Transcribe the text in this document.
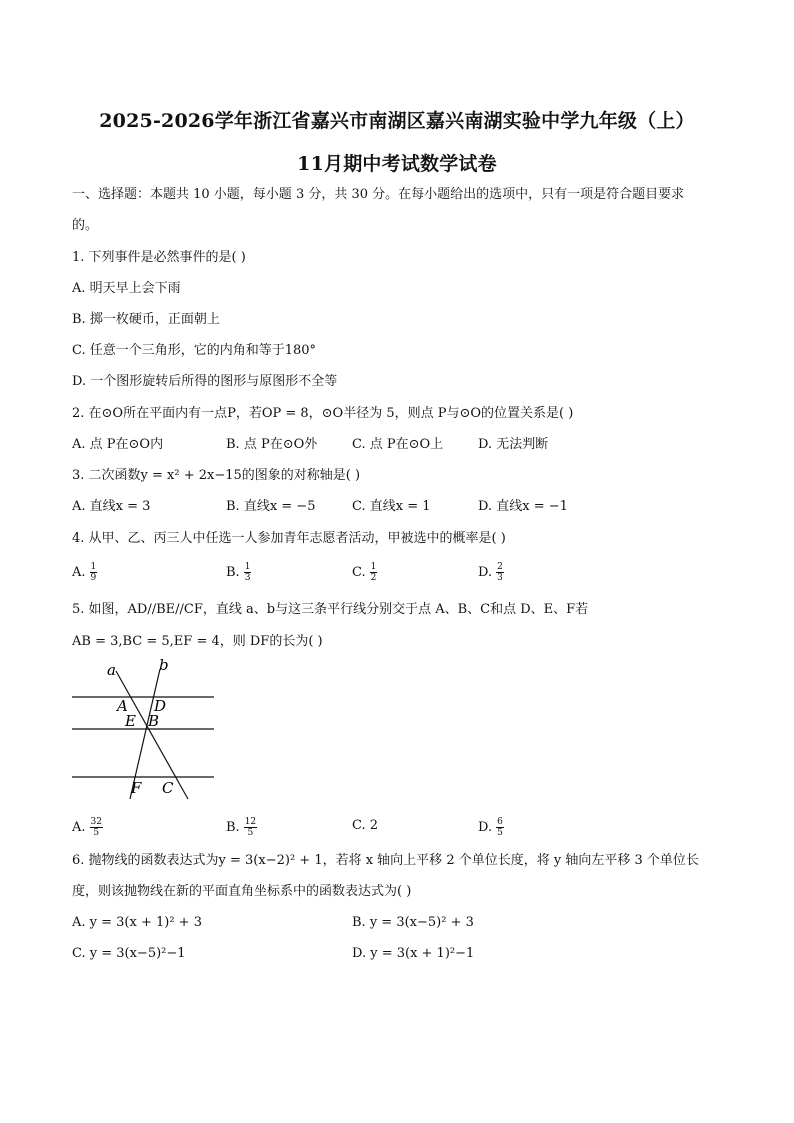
2025-2026学年浙江省嘉兴市南湖区嘉兴南湖实验中学九年级（上）
11月期中考试数学试卷
一、选择题：本题共 10 小题，每小题 3 分，共 30 分。在每小题给出的选项中，只有一项是符合题目要求
的。
1. 下列事件是必然事件的是( )
A. 明天早上会下雨
B. 掷一枚硬币，正面朝上
C. 任意一个三角形，它的内角和等于180°
D. 一个图形旋转后所得的图形与原图形不全等
2. 在⊙O所在平面内有一点P，若OP = 8，⊙O半径为 5，则点 P与⊙O的位置关系是( )
A. 点 P在⊙O内	B. 点 P在⊙O外	C. 点 P在⊙O上	D. 无法判断
3. 二次函数y = x² + 2x−15的图象的对称轴是( )
A. 直线x = 3	B. 直线x = −5	C. 直线x = 1	D. 直线x = −1
4. 从甲、乙、丙三人中任选一人参加青年志愿者活动，甲被选中的概率是( )
A. $\frac{1}{9}$	B. $\frac{1}{3}$	C. $\frac{1}{2}$	D. $\frac{2}{3}$
5. 如图，AD//BE//CF，直线 a、b与这三条平行线分别交于点 A、B、C和点 D、E、F若
AB = 3,BC = 5,EF = 4，则 DF的长为( )
a	b
A D
E B
F C
A. $\frac{32}{5}$	B. $\frac{12}{5}$	C. 2	D. $\frac{6}{5}$
6. 抛物线的函数表达式为y = 3(x−2)² + 1，若将 x 轴向上平移 2 个单位长度，将 y 轴向左平移 3 个单位长
度，则该抛物线在新的平面直角坐标系中的函数表达式为( )
A. y = 3(x + 1)² + 3	B. y = 3(x−5)² + 3
C. y = 3(x−5)²−1	D. y = 3(x + 1)²−1
